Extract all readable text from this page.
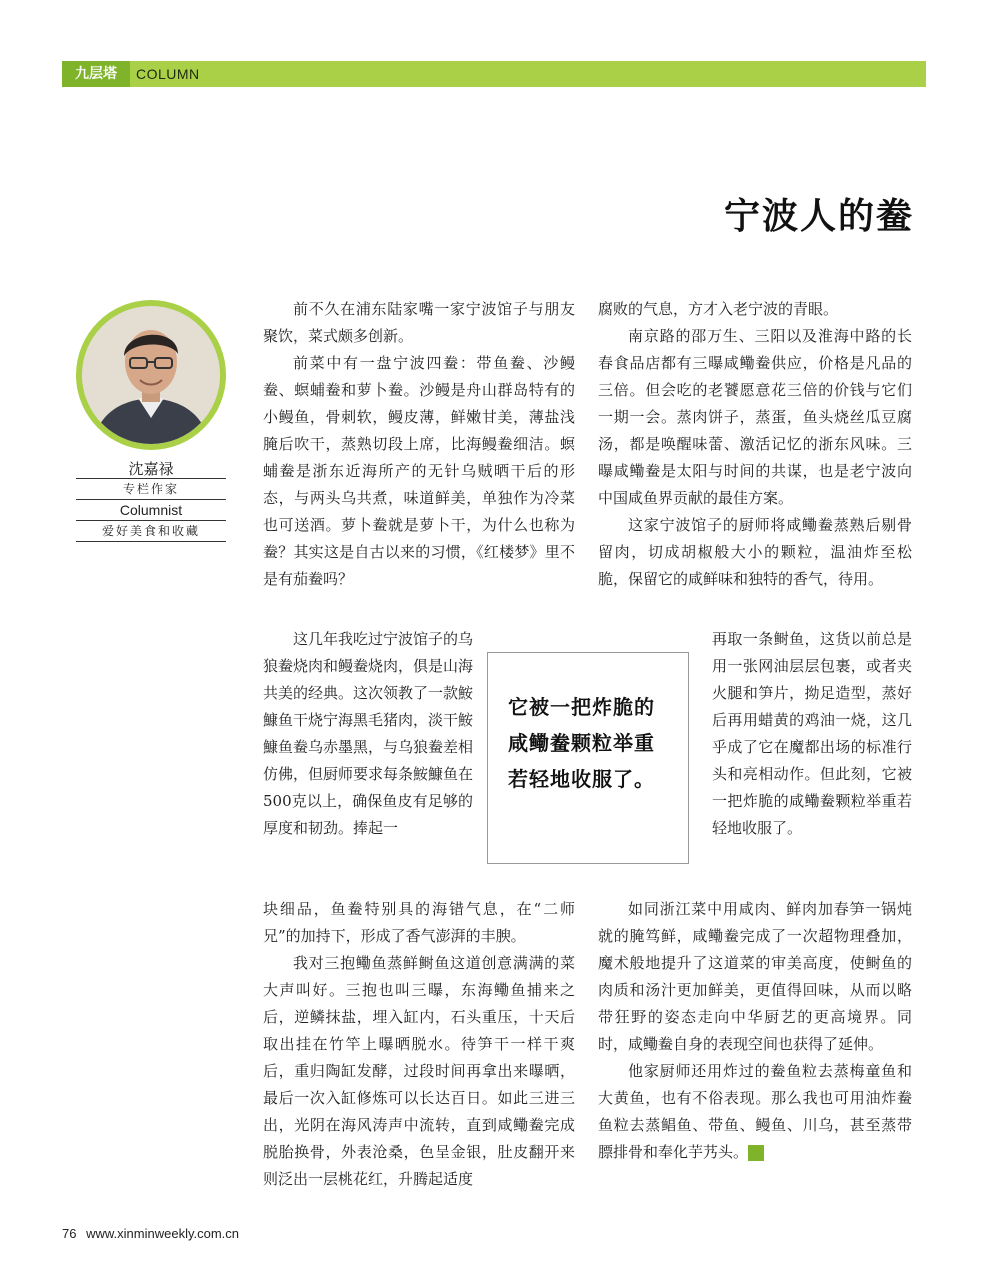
九层塔	COLUMN
宁波人的鲞
沈嘉禄
专栏作家
Columnist
爱好美食和收藏

前不久在浦东陆家嘴一家宁波馆子与朋友聚饮，菜式颇多创新。

前菜中有一盘宁波四鲞：带鱼鲞、沙鳗鲞、螟蜅鲞和萝卜鲞。沙鳗是舟山群岛特有的小鳗鱼，骨刺软，鳗皮薄，鲜嫩甘美，薄盐浅腌后吹干，蒸熟切段上席，比海鳗鲞细洁。螟蜅鲞是浙东近海所产的无针乌贼晒干后的形态，与两头乌共煮，味道鲜美，单独作为冷菜也可送酒。萝卜鲞就是萝卜干，为什么也称为鲞？其实这是自古以来的习惯，《红楼梦》里不是有茄鲞吗？

这几年我吃过宁波馆子的乌狼鲞烧肉和鳗鲞烧肉，俱是山海共美的经典。这次领教了一款鮟鱇鱼干烧宁海黑毛猪肉，淡干鮟鱇鱼鲞乌赤墨黑，与乌狼鲞差相仿佛，但厨师要求每条鮟鱇鱼在500克以上，确保鱼皮有足够的厚度和韧劲。捧起一

块细品，鱼鲞特别具的海错气息，在“二师兄”的加持下，形成了香气澎湃的丰腴。

我对三抱鳓鱼蒸鲜鲥鱼这道创意满满的菜大声叫好。三抱也叫三曝，东海鳓鱼捕来之后，逆鳞抹盐，埋入缸内，石头重压，十天后取出挂在竹竿上曝晒脱水。待笋干一样干爽后，重归陶缸发酵，过段时间再拿出来曝晒，最后一次入缸修炼可以长达百日。如此三进三出，光阴在海风涛声中流转，直到咸鳓鲞完成脱胎换骨，外表沧桑，色呈金银，肚皮翻开来则泛出一层桃花红，升腾起适度

腐败的气息，方才入老宁波的青眼。

南京路的邵万生、三阳以及淮海中路的长春食品店都有三曝咸鳓鲞供应，价格是凡品的三倍。但会吃的老饕愿意花三倍的价钱与它们一期一会。蒸肉饼子，蒸蛋，鱼头烧丝瓜豆腐汤，都是唤醒味蕾、激活记忆的浙东风味。三曝咸鳓鲞是太阳与时间的共谋，也是老宁波向中国咸鱼界贡献的最佳方案。

这家宁波馆子的厨师将咸鳓鲞蒸熟后剔骨留肉，切成胡椒般大小的颗粒，温油炸至松脆，保留它的咸鲜味和独特的香气，待用。

再取一条鲥鱼，这货以前总是用一张网油层层包裹，或者夹火腿和笋片，拗足造型，蒸好后再用蜡黄的鸡油一烧，这几乎成了它在魔都出场的标准行头和亮相动作。但此刻，它被一把炸脆的咸鳓鲞颗粒举重若轻地收服了。

如同浙江菜中用咸肉、鲜肉加春笋一锅炖就的腌笃鲜，咸鳓鲞完成了一次超物理叠加，魔术般地提升了这道菜的审美高度，使鲥鱼的肉质和汤汁更加鲜美，更值得回味，从而以略带狂野的姿态走向中华厨艺的更高境界。同时，咸鳓鲞自身的表现空间也获得了延伸。

他家厨师还用炸过的鲞鱼粒去蒸梅童鱼和大黄鱼，也有不俗表现。那么我也可用油炸鲞鱼粒去蒸鲳鱼、带鱼、鳗鱼、川乌，甚至蒸带膘排骨和奉化芋艿头。	民

它被一把炸脆的咸鳓鲞颗粒举重若轻地收服了。
76 www.xinminweekly.com.cn
